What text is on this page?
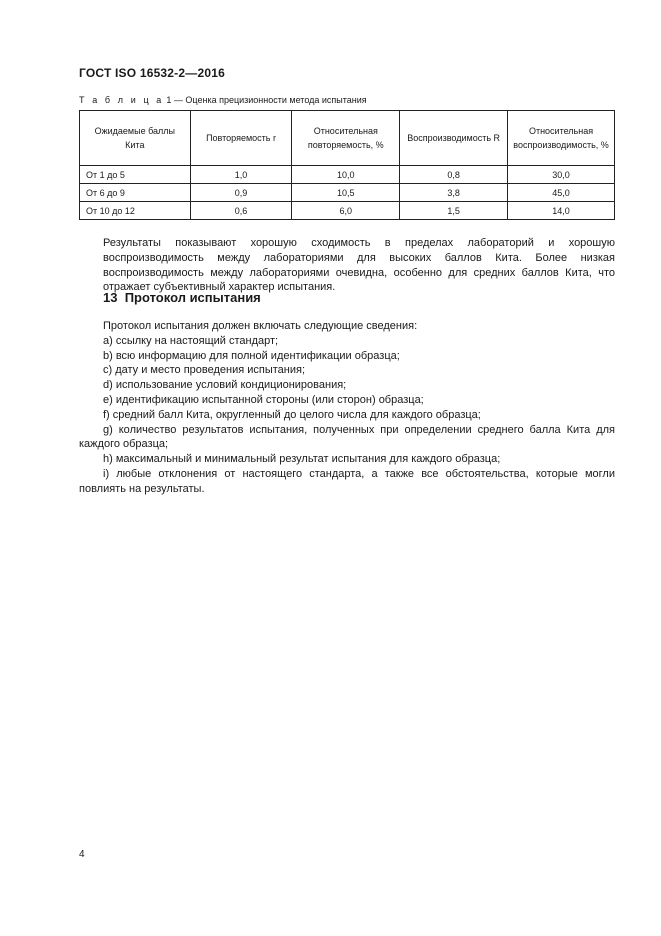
ГОСТ ISO 16532-2—2016
Т а б л и ц а 1 — Оценка прецизионности метода испытания
Ожидаемые баллы Кита	Повторяемость r	Относительная повторяемость, %	Воспроизводимость R	Относительная воспроизводимость, %
От 1 до 5	1,0	10,0	0,8	30,0
От 6 до 9	0,9	10,5	3,8	45,0
От 10 до 12	0,6	6,0	1,5	14,0
Результаты показывают хорошую сходимость в пределах лабораторий и хорошую воспроизводимость между лабораториями для высоких баллов Кита. Более низкая воспроизводимость между лабораториями очевидна, особенно для средних баллов Кита, что отражает субъективный характер испытания.
13 Протокол испытания
Протокол испытания должен включать следующие сведения:
a) ссылку на настоящий стандарт;
b) всю информацию для полной идентификации образца;
c) дату и место проведения испытания;
d) использование условий кондиционирования;
e) идентификацию испытанной стороны (или сторон) образца;
f) средний балл Кита, округленный до целого числа для каждого образца;
g) количество результатов испытания, полученных при определении среднего балла Кита для каждого образца;
h) максимальный и минимальный результат испытания для каждого образца;
i) любые отклонения от настоящего стандарта, а также все обстоятельства, которые могли повлиять на результаты.
4
